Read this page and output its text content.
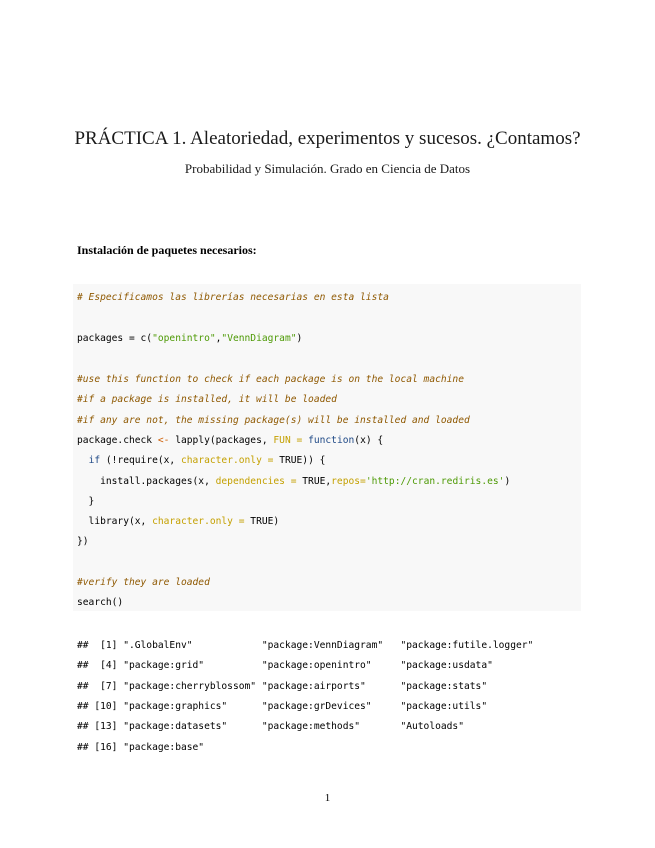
PRÁCTICA 1. Aleatoriedad, experimentos y sucesos. ¿Contamos?
Probabilidad y Simulación. Grado en Ciencia de Datos
Instalación de paquetes necesarios:
# Especificamos las librerías necesarias en esta lista
packages = c("openintro","VennDiagram")
#use this function to check if each package is on the local machine
#if a package is installed, it will be loaded
#if any are not, the missing package(s) will be installed and loaded
package.check <- lapply(packages, FUN = function(x) {
if (!require(x, character.only = TRUE)) {
install.packages(x, dependencies = TRUE,repos='http://cran.rediris.es')
}
library(x, character.only = TRUE)
})
#verify they are loaded
search()
##  [1] ".GlobalEnv"            "package:VennDiagram"   "package:futile.logger"
##  [4] "package:grid"          "package:openintro"     "package:usdata"
##  [7] "package:cherryblossom" "package:airports"      "package:stats"
## [10] "package:graphics"      "package:grDevices"     "package:utils"
## [13] "package:datasets"      "package:methods"       "Autoloads"
## [16] "package:base"
1
